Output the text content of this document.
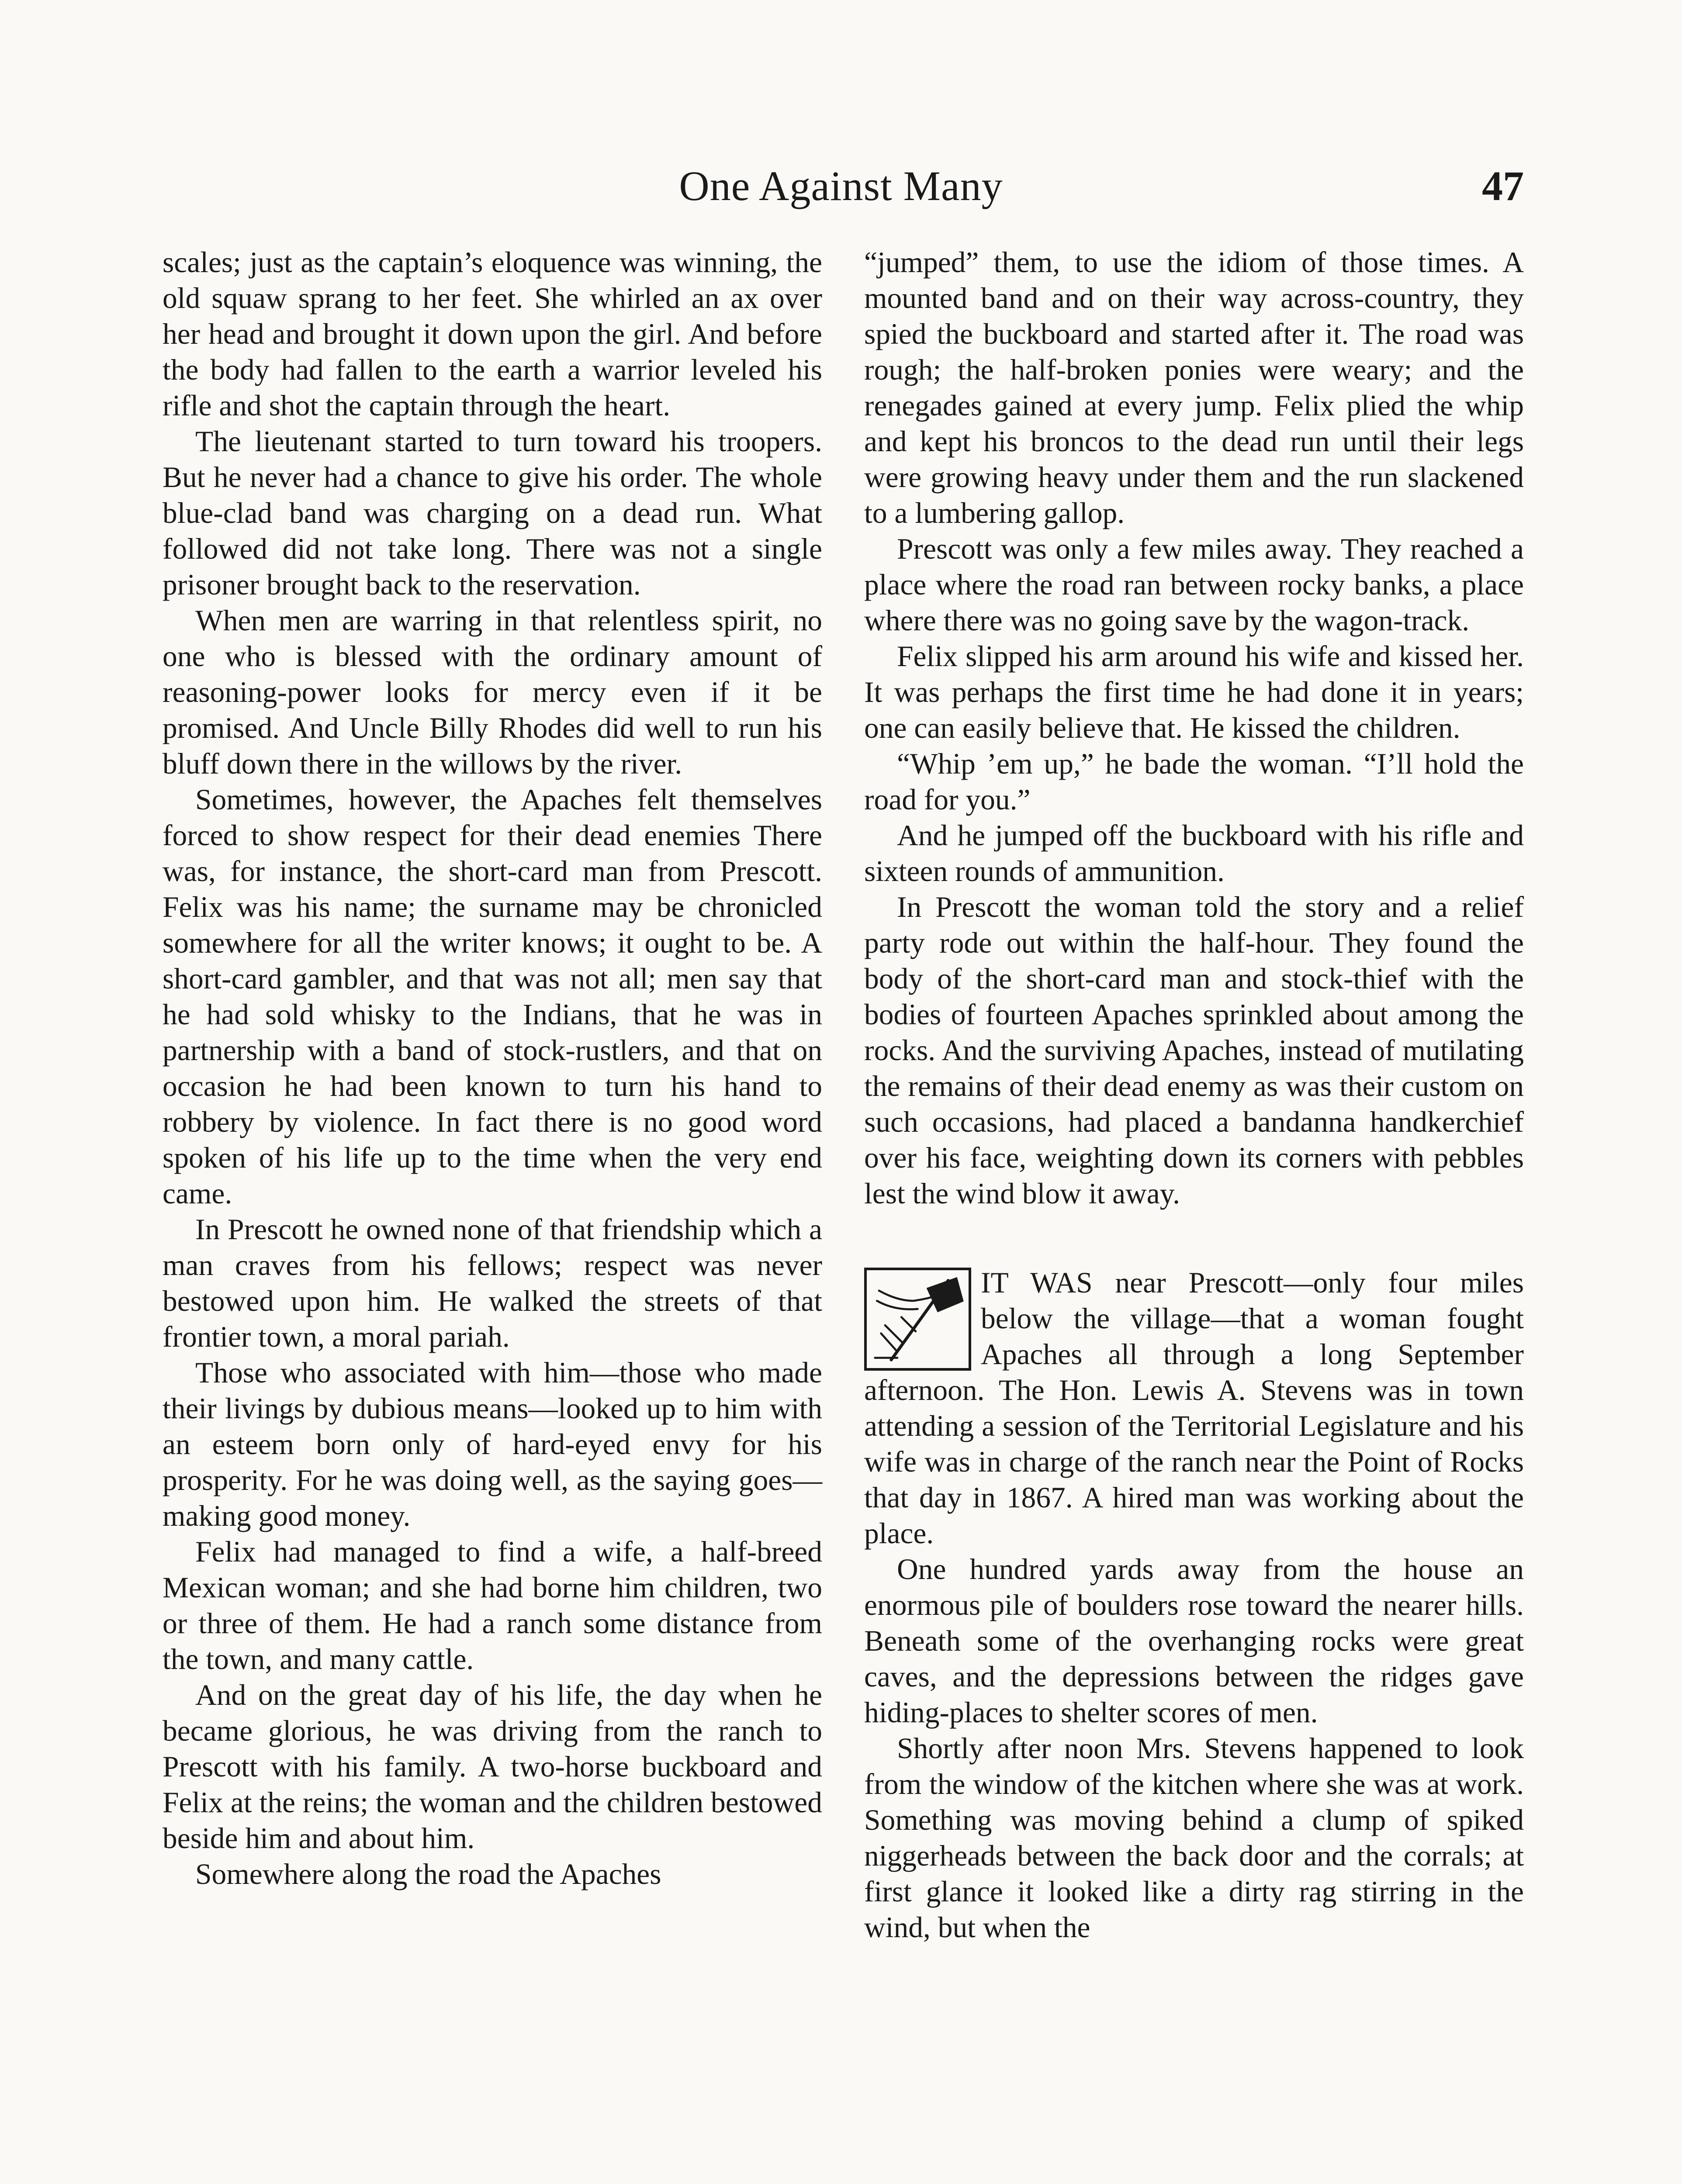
One Against Many	47

scales; just as the captain’s eloquence was winning, the old squaw sprang to her feet. She whirled an ax over her head and brought it down upon the girl. And before the body had fallen to the earth a warrior leveled his rifle and shot the captain through the heart.

The lieutenant started to turn toward his troopers. But he never had a chance to give his order. The whole blue-clad band was charging on a dead run. What followed did not take long. There was not a single prisoner brought back to the reservation.

When men are warring in that relentless spirit, no one who is blessed with the ordinary amount of reasoning-power looks for mercy even if it be promised. And Uncle Billy Rhodes did well to run his bluff down there in the willows by the river.

Sometimes, however, the Apaches felt themselves forced to show respect for their dead enemies There was, for instance, the short-card man from Prescott. Felix was his name; the surname may be chronicled somewhere for all the writer knows; it ought to be. A short-card gambler, and that was not all; men say that he had sold whisky to the Indians, that he was in partnership with a band of stock-rustlers, and that on occasion he had been known to turn his hand to robbery by violence. In fact there is no good word spoken of his life up to the time when the very end came.

In Prescott he owned none of that friendship which a man craves from his fellows; respect was never bestowed upon him. He walked the streets of that frontier town, a moral pariah.

Those who associated with him—those who made their livings by dubious means—looked up to him with an esteem born only of hard-eyed envy for his prosperity. For he was doing well, as the saying goes—making good money.

Felix had managed to find a wife, a half-breed Mexican woman; and she had borne him children, two or three of them. He had a ranch some distance from the town, and many cattle.

And on the great day of his life, the day when he became glorious, he was driving from the ranch to Prescott with his family. A two-horse buckboard and Felix at the reins; the woman and the children bestowed beside him and about him.

Somewhere along the road the Apaches

“jumped” them, to use the idiom of those times. A mounted band and on their way across-country, they spied the buckboard and started after it. The road was rough; the half-broken ponies were weary; and the renegades gained at every jump. Felix plied the whip and kept his broncos to the dead run until their legs were growing heavy under them and the run slackened to a lumbering gallop.

Prescott was only a few miles away. They reached a place where the road ran between rocky banks, a place where there was no going save by the wagon-track.

Felix slipped his arm around his wife and kissed her. It was perhaps the first time he had done it in years; one can easily believe that. He kissed the children.

“Whip ’em up,” he bade the woman. “I’ll hold the road for you.”

And he jumped off the buckboard with his rifle and sixteen rounds of ammunition.

In Prescott the woman told the story and a relief party rode out within the half-hour. They found the body of the short-card man and stock-thief with the bodies of fourteen Apaches sprinkled about among the rocks. And the surviving Apaches, instead of mutilating the remains of their dead enemy as was their custom on such occasions, had placed a bandanna handkerchief over his face, weighting down its corners with pebbles lest the wind blow it away.

IT WAS near Prescott—only four miles below the village—that a woman fought Apaches all through a long September afternoon. The Hon. Lewis A. Stevens was in town attending a session of the Territorial Legislature and his wife was in charge of the ranch near the Point of Rocks that day in 1867. A hired man was working about the place.

One hundred yards away from the house an enormous pile of boulders rose toward the nearer hills. Beneath some of the overhanging rocks were great caves, and the depressions between the ridges gave hiding-places to shelter scores of men.

Shortly after noon Mrs. Stevens happened to look from the window of the kitchen where she was at work. Something was moving behind a clump of spiked niggerheads between the back door and the corrals; at first glance it looked like a dirty rag stirring in the wind, but when the
